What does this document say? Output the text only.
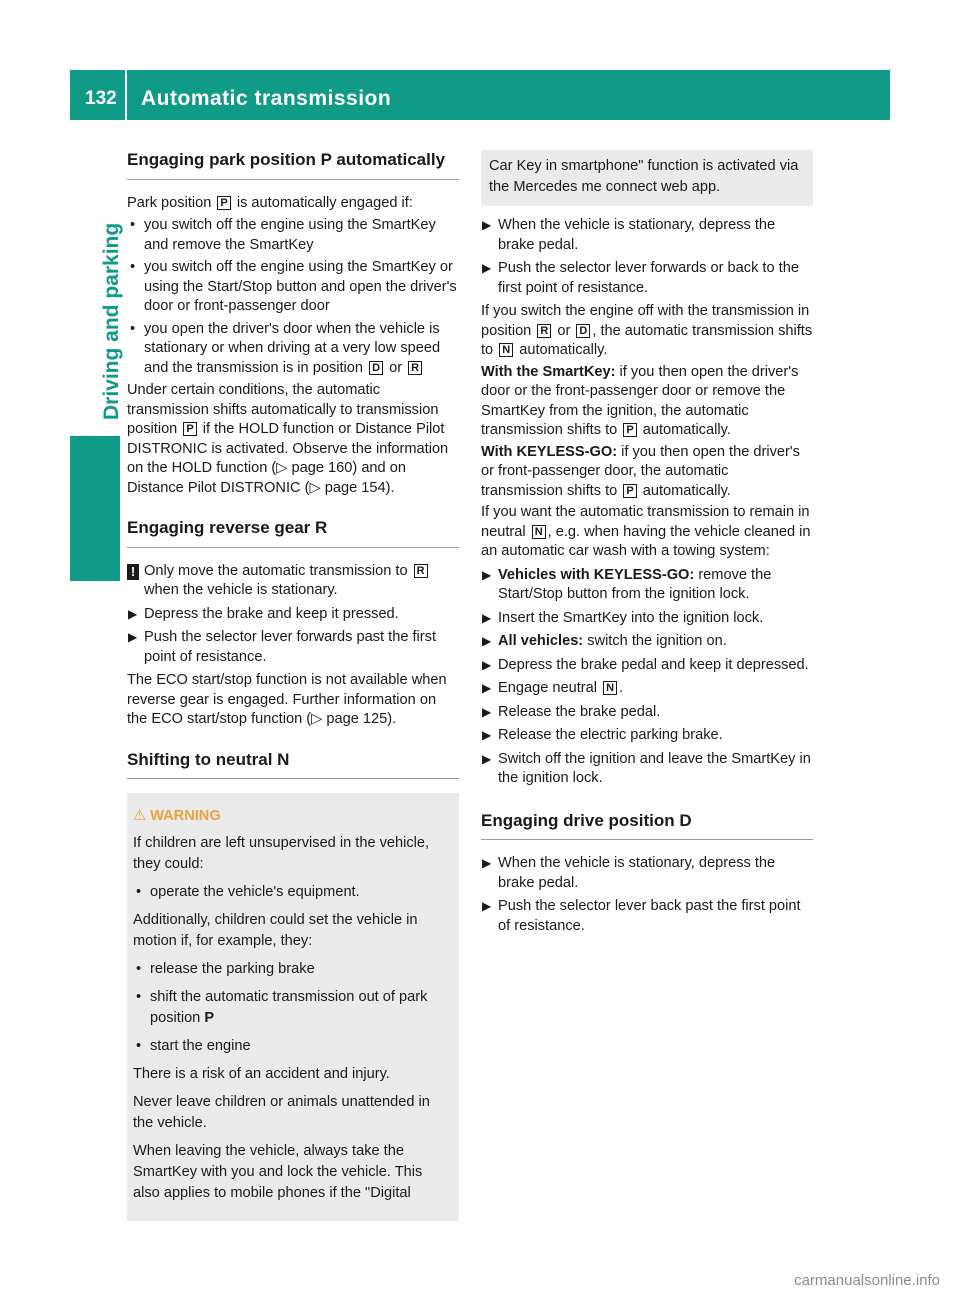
132 Automatic transmission
Driving and parking
Engaging park position P automatically

Park position P is automatically engaged if:

• you switch off the engine using the SmartKey and remove the SmartKey
• you switch off the engine using the SmartKey or using the Start/Stop button and open the driver's door or front-passenger door
• you open the driver's door when the vehicle is stationary or when driving at a very low speed and the transmission is in position D or R

Under certain conditions, the automatic transmission shifts automatically to transmission position P if the HOLD function or Distance Pilot DISTRONIC is activated. Observe the information on the HOLD function (▷ page 160) and on Distance Pilot DISTRONIC (▷ page 154).

Engaging reverse gear R
! Only move the automatic transmission to R when the vehicle is stationary.
▶ Depress the brake and keep it pressed.
▶ Push the selector lever forwards past the first point of resistance.

The ECO start/stop function is not available when reverse gear is engaged. Further information on the ECO start/stop function (▷ page 125).

Shifting to neutral N
⚠ WARNING

If children are left unsupervised in the vehicle, they could:

• operate the vehicle's equipment.

Additionally, children could set the vehicle in motion if, for example, they:

• release the parking brake
• shift the automatic transmission out of park position P
• start the engine

There is a risk of an accident and injury.

Never leave children or animals unattended in the vehicle.

When leaving the vehicle, always take the SmartKey with you and lock the vehicle. This also applies to mobile phones if the "Digital

Car Key in smartphone" function is activated via the Mercedes me connect web app.
▶ When the vehicle is stationary, depress the brake pedal.
▶ Push the selector lever forwards or back to the first point of resistance.

If you switch the engine off with the transmission in position R or D , the automatic transmission shifts to N automatically.

With the SmartKey: if you then open the driver's door or the front-passenger door or remove the SmartKey from the ignition, the automatic transmission shifts to P automatically.

With KEYLESS-GO: if you then open the driver's or front-passenger door, the automatic transmission shifts to P automatically.

If you want the automatic transmission to remain in neutral N , e.g. when having the vehicle cleaned in an automatic car wash with a towing system:

▶ Vehicles with KEYLESS-GO: remove the Start/Stop button from the ignition lock.
▶ Insert the SmartKey into the ignition lock.
▶ All vehicles: switch the ignition on.
▶ Depress the brake pedal and keep it depressed.
▶ Engage neutral N .
▶ Release the brake pedal.
▶ Release the electric parking brake.
▶ Switch off the ignition and leave the SmartKey in the ignition lock.
Engaging drive position D
▶ When the vehicle is stationary, depress the brake pedal.
▶ Push the selector lever back past the first point of resistance.
carmanualsonline.info
